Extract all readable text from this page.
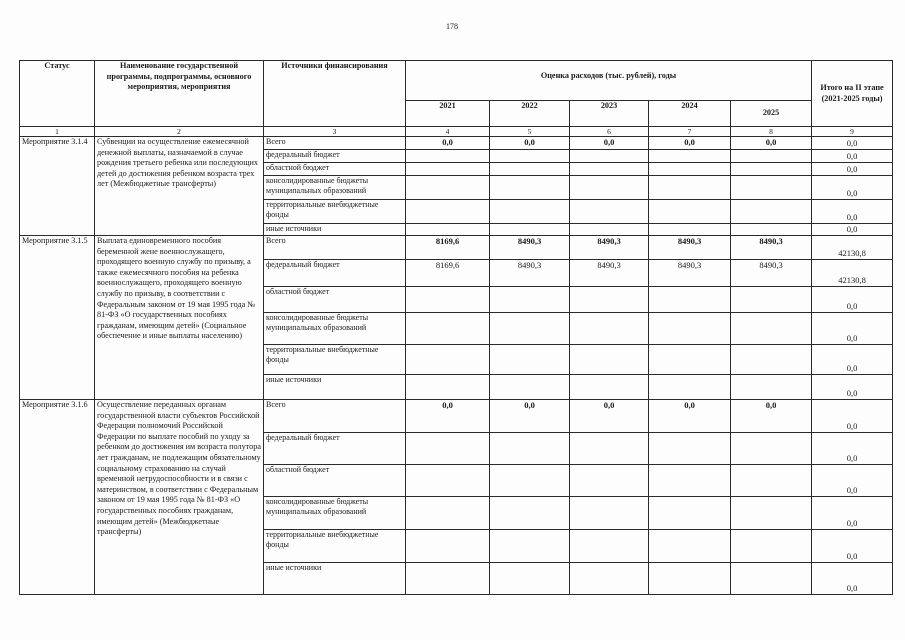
178
Статус	Наименование государственной программы, подпрограммы, основного мероприятия, мероприятия	Источники финансирования	Оценка расходов (тыс. рублей), годы					Итого на II этапе (2021-2025 годы)
			2021	2022	2023	2024	2025	
1	2	3	4	5	6	7	8	9
Мероприятие 3.1.4	Субвенции на осуществление ежемесячной денежной выплаты, назначаемой в случае рождения третьего ребенка или последующих детей до достижения ребенком возраста трех лет (Межбюджетные трансферты)	Всего	0,0	0,0	0,0	0,0	0,0	0,0
		федеральный бюджет						0,0
		областной бюджет						0,0
		консолидированные бюджеты муниципальных образований						0,0
		территориальные внебюджетные фонды						0,0
		иные источники						0,0
Мероприятие 3.1.5	Выплата единовременного пособия беременной жене военнослужащего, проходящего военную службу по призыву, а также ежемесячного пособия на ребенка военнослужащего, проходящего военную службу по призыву, в соответствии с Федеральным законом от 19 мая 1995 года № 81-ФЗ «О государственных пособиях гражданам, имеющим детей» (Социальное обеспечение и иные выплаты населению)	Всего	8169,6	8490,3	8490,3	8490,3	8490,3	42130,8
		федеральный бюджет	8169,6	8490,3	8490,3	8490,3	8490,3	42130,8
		областной бюджет						0,0
		консолидированные бюджеты муниципальных образований						0,0
		территориальные внебюджетные фонды						0,0
		иные источники						0,0
Мероприятие 3.1.6	Осуществление переданных органам государственной власти субъектов Российской Федерации полномочий Российской Федерации по выплате пособий по уходу за ребенком до достижения им возраста полутора лет гражданам, не подлежащим обязательному социальному страхованию на случай временной нетрудоспособности и в связи с материнством, в соответствии с Федеральным законом от 19 мая 1995 года № 81-ФЗ «О государственных пособиях гражданам, имеющим детей» (Межбюджетные трансферты)	Всего	0,0	0,0	0,0	0,0	0,0	0,0
		федеральный бюджет						0,0
		областной бюджет						0,0
		консолидированные бюджеты муниципальных образований						0,0
		территориальные внебюджетные фонды						0,0
		иные источники						0,0
